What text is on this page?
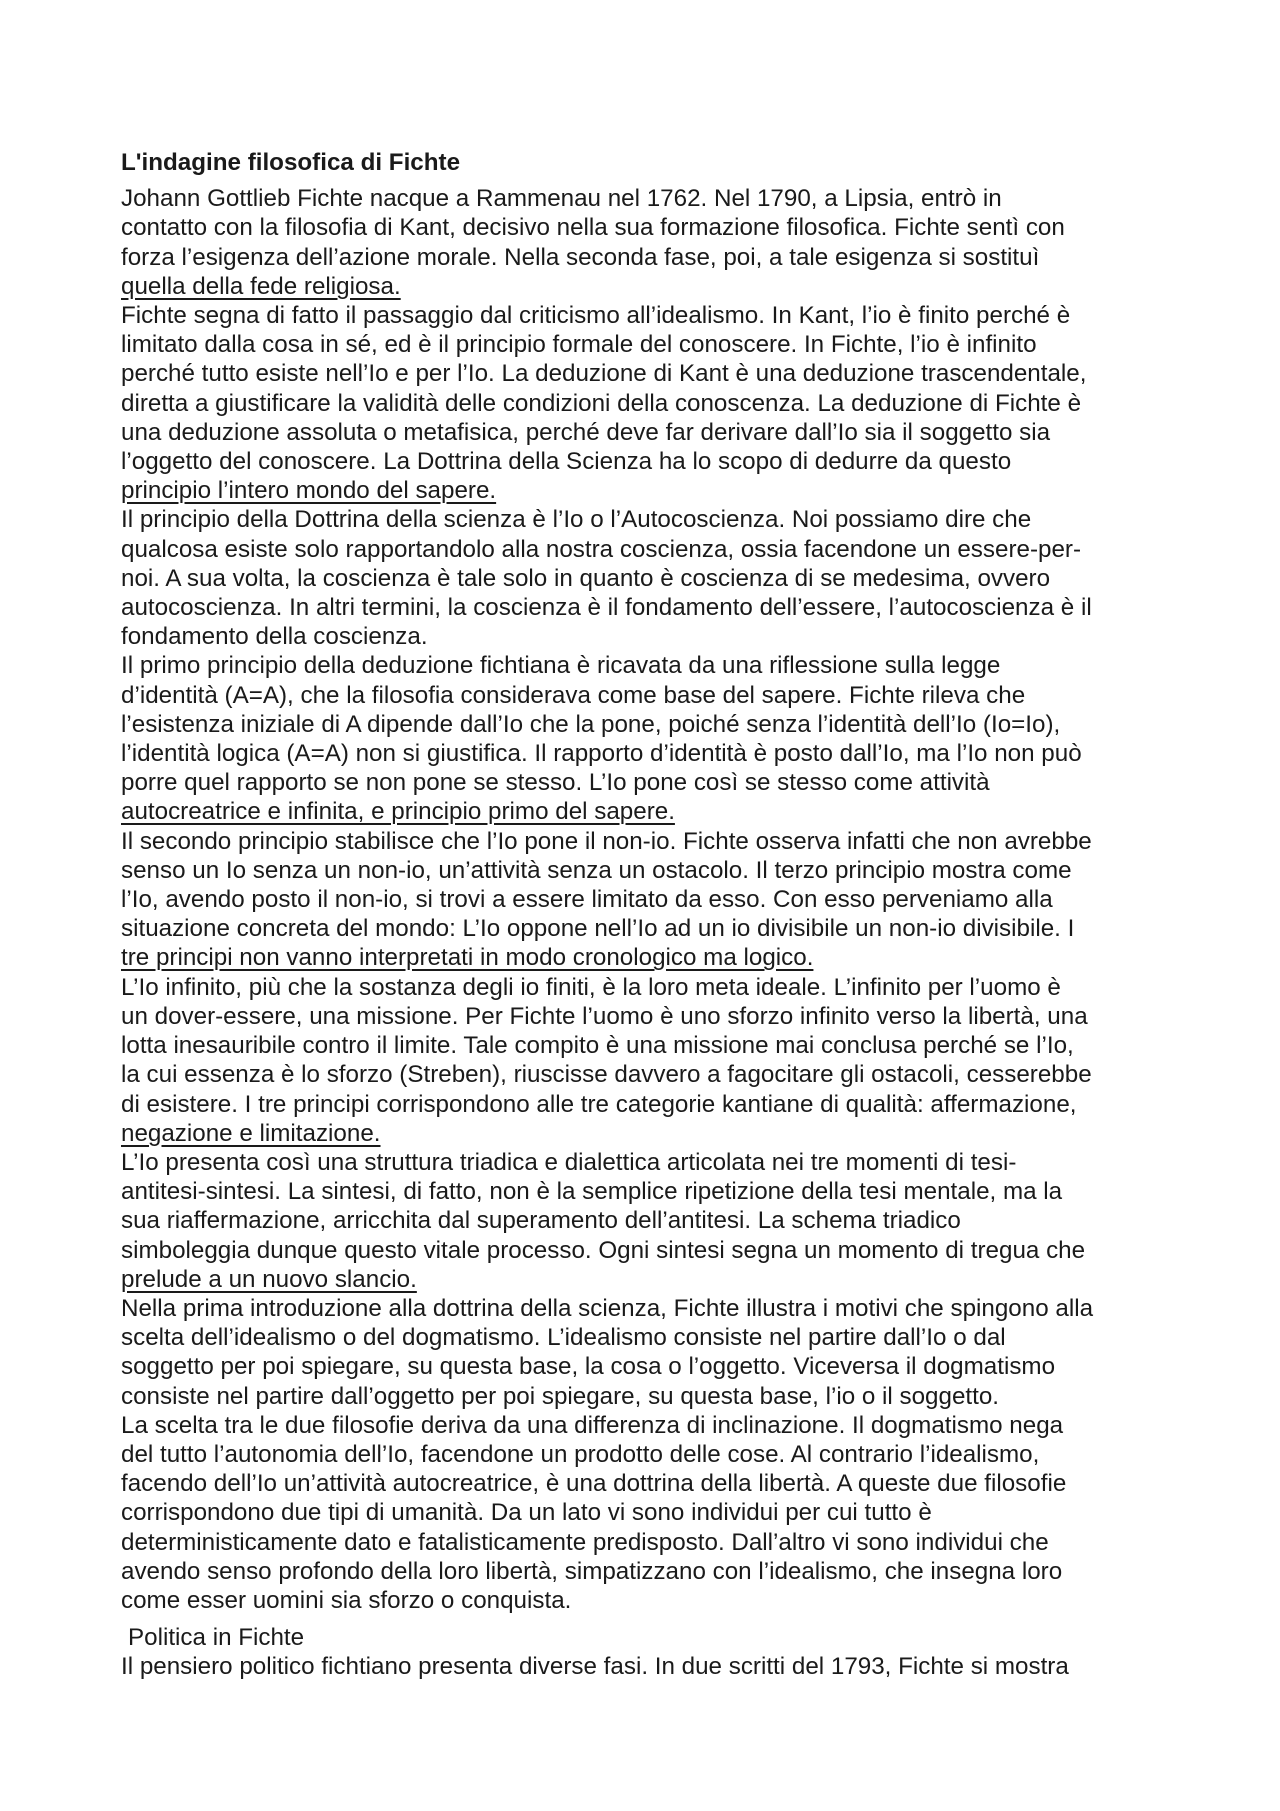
L'indagine filosofica di Fichte
Johann Gottlieb Fichte nacque a Rammenau nel 1762. Nel 1790, a Lipsia, entrò in
contatto con la filosofia di Kant, decisivo nella sua formazione filosofica. Fichte sentì con
forza l’esigenza dell’azione morale. Nella seconda fase, poi, a tale esigenza si sostituì
quella della fede religiosa.

Fichte segna di fatto il passaggio dal criticismo all’idealismo. In Kant, l’io è finito perché è
limitato dalla cosa in sé, ed è il principio formale del conoscere. In Fichte, l’io è infinito
perché tutto esiste nell’Io e per l’Io. La deduzione di Kant è una deduzione trascendentale,
diretta a giustificare la validità delle condizioni della conoscenza. La deduzione di Fichte è
una deduzione assoluta o metafisica, perché deve far derivare dall’Io sia il soggetto sia
l’oggetto del conoscere. La Dottrina della Scienza ha lo scopo di dedurre da questo
principio l’intero mondo del sapere.

Il principio della Dottrina della scienza è l’Io o l’Autocoscienza. Noi possiamo dire che
qualcosa esiste solo rapportandolo alla nostra coscienza, ossia facendone un essere-per-
noi. A sua volta, la coscienza è tale solo in quanto è coscienza di se medesima, ovvero
autocoscienza. In altri termini, la coscienza è il fondamento dell’essere, l’autocoscienza è il
fondamento della coscienza.
Il primo principio della deduzione fichtiana è ricavata da una riflessione sulla legge
d’identità (A=A), che la filosofia considerava come base del sapere. Fichte rileva che
l’esistenza iniziale di A dipende dall’Io che la pone, poiché senza l’identità dell’Io (Io=Io),
l’identità logica (A=A) non si giustifica. Il rapporto d’identità è posto dall’Io, ma l’Io non può
porre quel rapporto se non pone se stesso. L’Io pone così se stesso come attività
autocreatrice e infinita, e principio primo del sapere.

Il secondo principio stabilisce che l’Io pone il non-io. Fichte osserva infatti che non avrebbe
senso un Io senza un non-io, un’attività senza un ostacolo. Il terzo principio mostra come
l’Io, avendo posto il non-io, si trovi a essere limitato da esso. Con esso perveniamo alla
situazione concreta del mondo: L’Io oppone nell’Io ad un io divisibile un non-io divisibile. I
tre principi non vanno interpretati in modo cronologico ma logico.

L’Io infinito, più che la sostanza degli io finiti, è la loro meta ideale. L’infinito per l’uomo è
un dover-essere, una missione. Per Fichte l’uomo è uno sforzo infinito verso la libertà, una
lotta inesauribile contro il limite. Tale compito è una missione mai conclusa perché se l’Io,
la cui essenza è lo sforzo (Streben), riuscisse davvero a fagocitare gli ostacoli, cesserebbe
di esistere. I tre principi corrispondono alle tre categorie kantiane di qualità: affermazione,
negazione e limitazione.

L’Io presenta così una struttura triadica e dialettica articolata nei tre momenti di tesi-
antitesi-sintesi. La sintesi, di fatto, non è la semplice ripetizione della tesi mentale, ma la
sua riaffermazione, arricchita dal superamento dell’antitesi. La schema triadico
simboleggia dunque questo vitale processo. Ogni sintesi segna un momento di tregua che
prelude a un nuovo slancio.

Nella prima introduzione alla dottrina della scienza, Fichte illustra i motivi che spingono alla
scelta dell’idealismo o del dogmatismo. L’idealismo consiste nel partire dall’Io o dal
soggetto per poi spiegare, su questa base, la cosa o l’oggetto. Viceversa il dogmatismo
consiste nel partire dall’oggetto per poi spiegare, su questa base, l’io o il soggetto.
La scelta tra le due filosofie deriva da una differenza di inclinazione. Il dogmatismo nega
del tutto l’autonomia dell’Io, facendone un prodotto delle cose. Al contrario l’idealismo,
facendo dell’Io un’attività autocreatrice, è una dottrina della libertà. A queste due filosofie
corrispondono due tipi di umanità. Da un lato vi sono individui per cui tutto è
deterministicamente dato e fatalisticamente predisposto. Dall’altro vi sono individui che
avendo senso profondo della loro libertà, simpatizzano con l’idealismo, che insegna loro
come esser uomini sia sforzo o conquista.
Politica in Fichte
Il pensiero politico fichtiano presenta diverse fasi. In due scritti del 1793, Fichte si mostra
